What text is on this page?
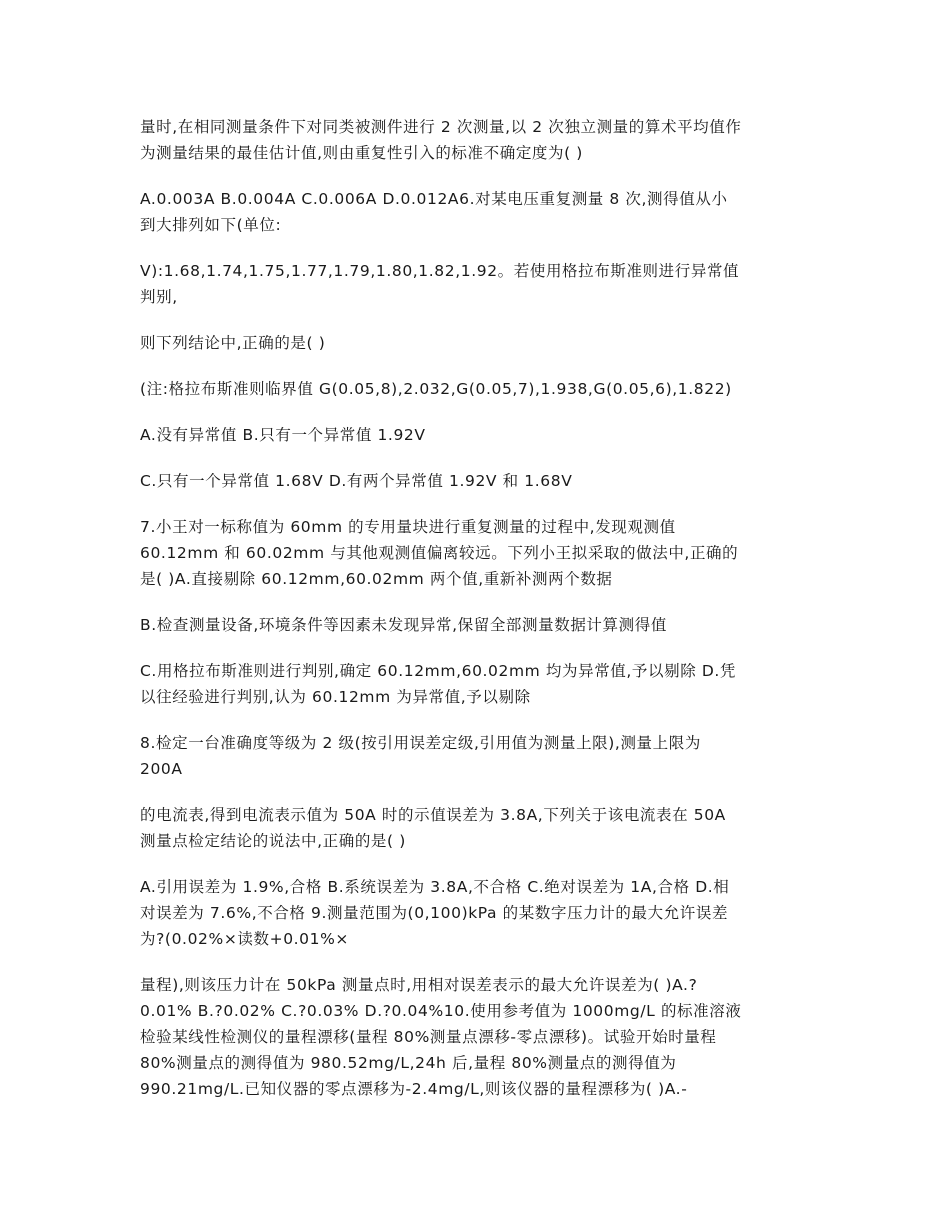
量时,在相同测量条件下对同类被测件进行 2 次测量,以 2 次独立测量的算术平均值作
为测量结果的最佳估计值,则由重复性引入的标准不确定度为( )

A.0.003A B.0.004A C.0.006A D.0.012A6.对某电压重复测量 8 次,测得值从小
到大排列如下(单位:

V):1.68,1.74,1.75,1.77,1.79,1.80,1.82,1.92。若使用格拉布斯准则进行异常值
判别,

则下列结论中,正确的是( )

(注:格拉布斯准则临界值 G(0.05,8),2.032,G(0.05,7),1.938,G(0.05,6),1.822)

A.没有异常值 B.只有一个异常值 1.92V

C.只有一个异常值 1.68V D.有两个异常值 1.92V 和 1.68V

7.小王对一标称值为 60mm 的专用量块进行重复测量的过程中,发现观测值
60.12mm 和 60.02mm 与其他观测值偏离较远。下列小王拟采取的做法中,正确的
是( )A.直接剔除 60.12mm,60.02mm 两个值,重新补测两个数据

B.检查测量设备,环境条件等因素未发现异常,保留全部测量数据计算测得值

C.用格拉布斯准则进行判别,确定 60.12mm,60.02mm 均为异常值,予以剔除 D.凭
以往经验进行判别,认为 60.12mm 为异常值,予以剔除

8.检定一台准确度等级为 2 级(按引用误差定级,引用值为测量上限),测量上限为
200A

的电流表,得到电流表示值为 50A 时的示值误差为 3.8A,下列关于该电流表在 50A
测量点检定结论的说法中,正确的是( )

A.引用误差为 1.9%,合格 B.系统误差为 3.8A,不合格 C.绝对误差为 1A,合格 D.相
对误差为 7.6%,不合格 9.测量范围为(0,100)kPa 的某数字压力计的最大允许误差
为?(0.02%×读数+0.01%×

量程),则该压力计在 50kPa 测量点时,用相对误差表示的最大允许误差为( )A.?
0.01% B.?0.02% C.?0.03% D.?0.04%10.使用参考值为 1000mg/L 的标准溶液
检验某线性检测仪的量程漂移(量程 80%测量点漂移-零点漂移)。试验开始时量程
80%测量点的测得值为 980.52mg/L,24h 后,量程 80%测量点的测得值为
990.21mg/L.已知仪器的零点漂移为-2.4mg/L,则该仪器的量程漂移为( )A.-
